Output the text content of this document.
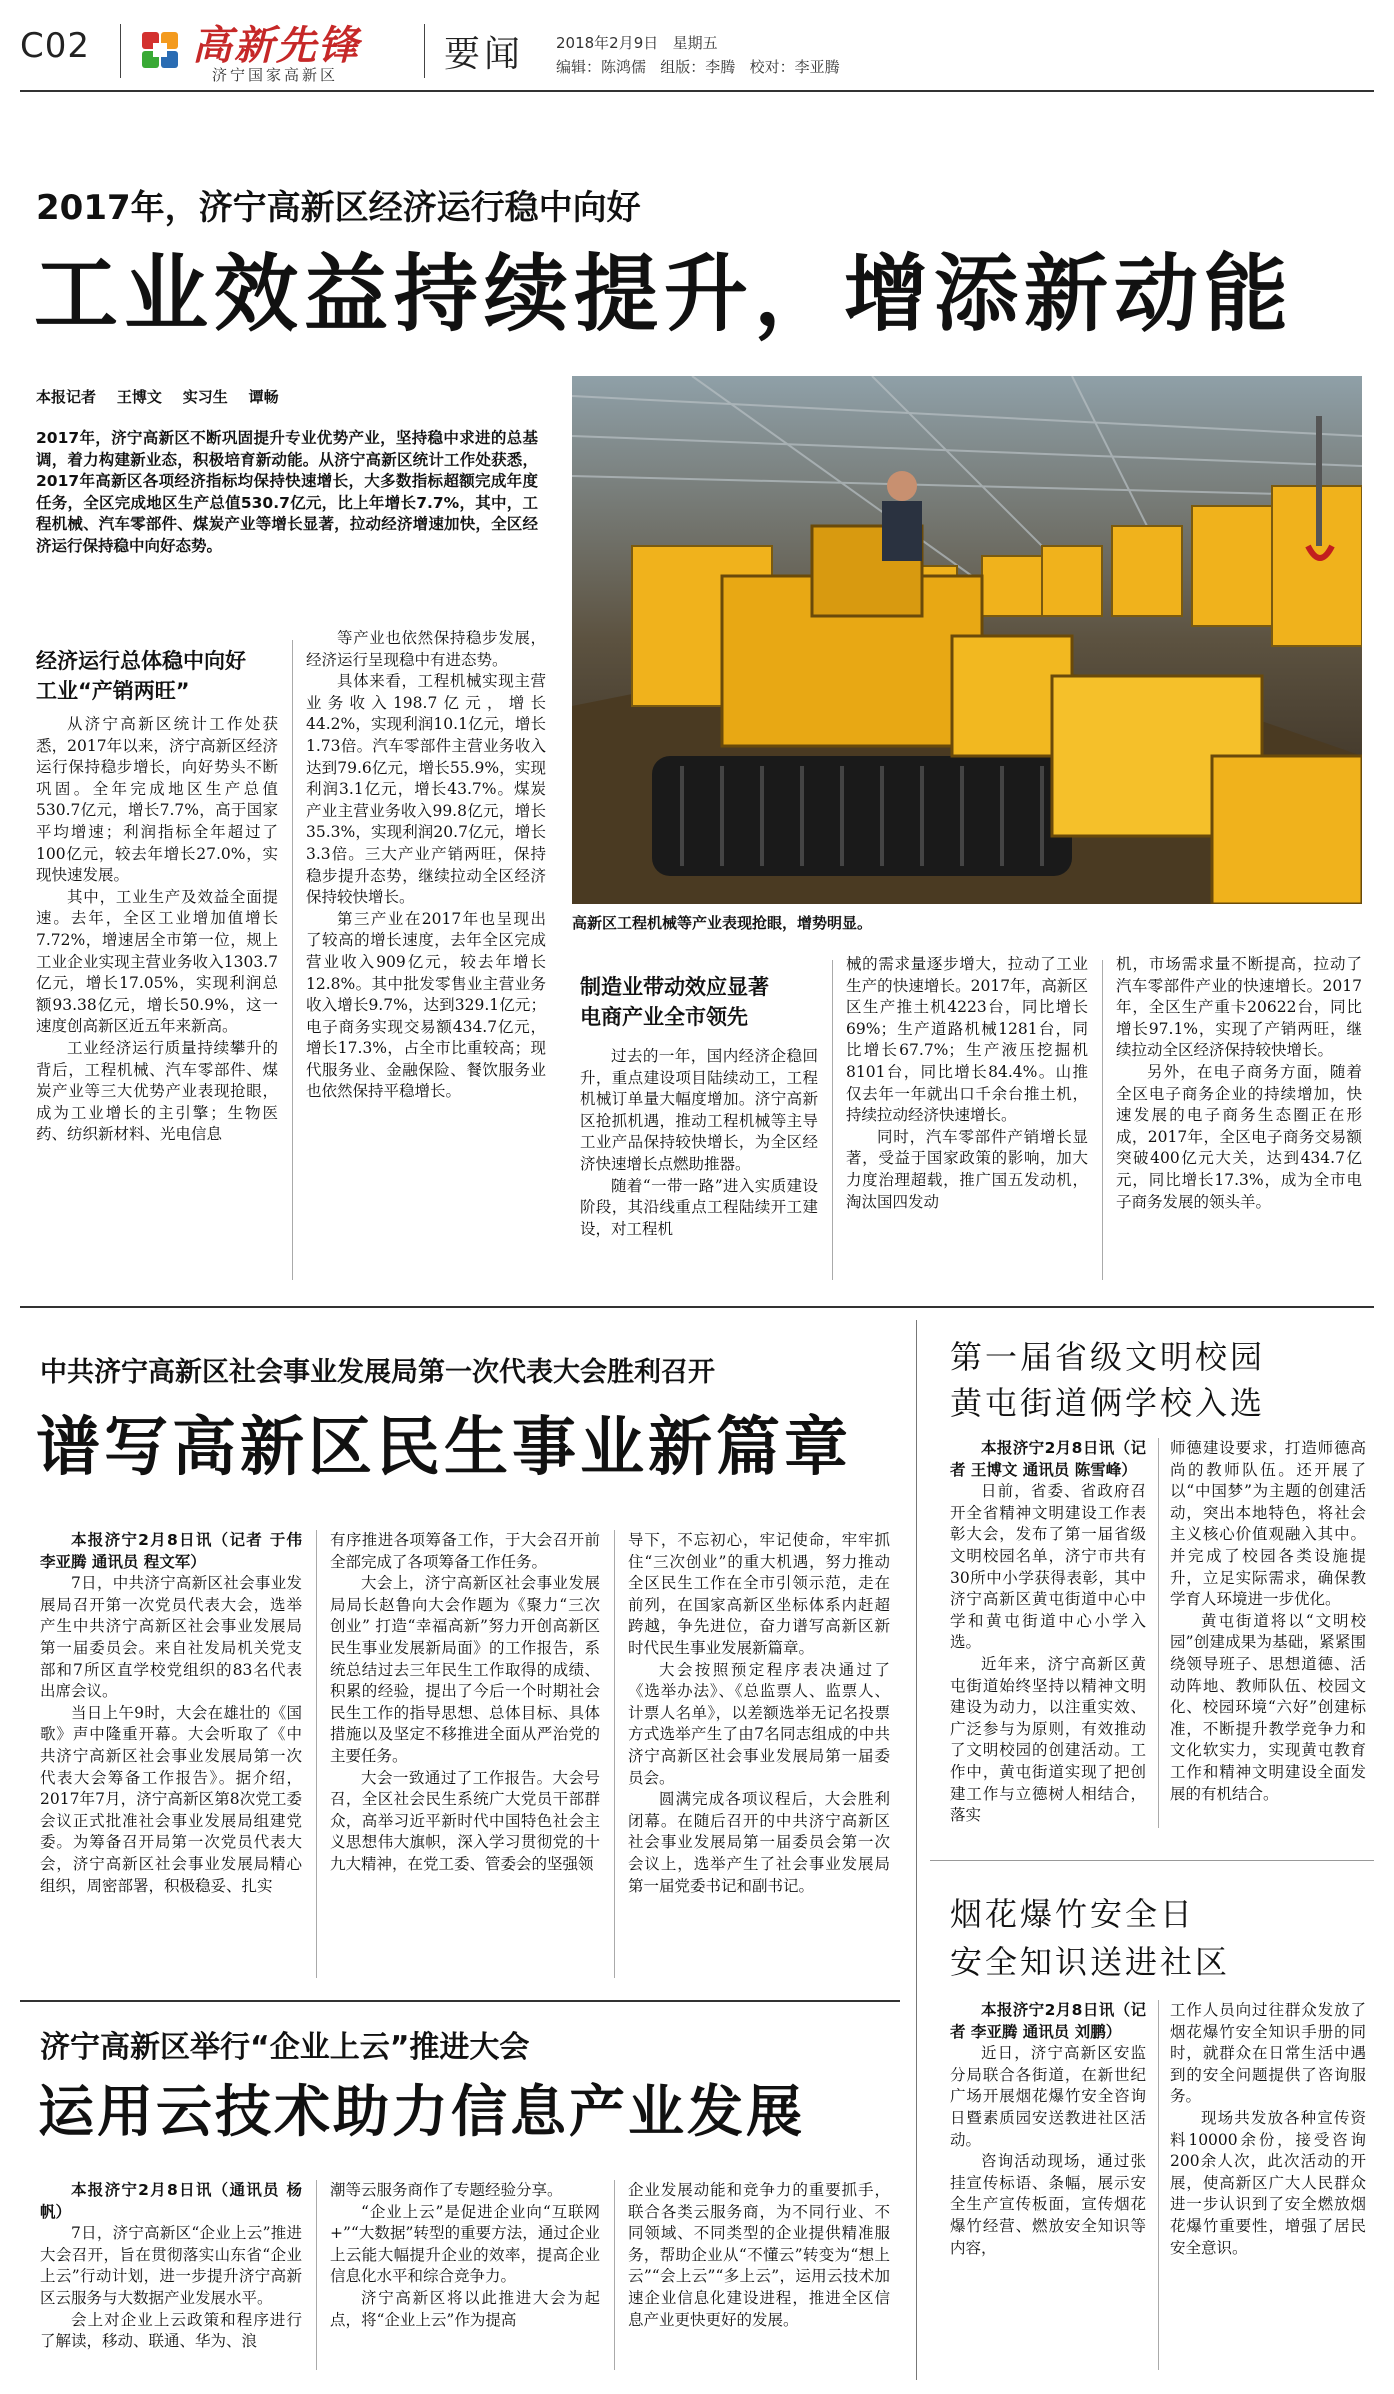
C02	高新先锋
济宁国家高新区	要闻 2018年2月9日   星期五
编辑：陈鸿儒   组版：李腾   校对：李亚腾
2017年，济宁高新区经济运行稳中向好
工业效益持续提升，增添新动能
本报记者    王博文    实习生    谭畅
2017年，济宁高新区不断巩固提升专业优势产业，坚持稳中求进的总基调，着力构建新业态，积极培育新动能。从济宁高新区统计工作处获悉，2017年高新区各项经济指标均保持快速增长，大多数指标超额完成年度任务，全区完成地区生产总值530.7亿元，比上年增长7.7%，其中，工程机械、汽车零部件、煤炭产业等增长显著，拉动经济增速加快，全区经济运行保持稳中向好态势。
高新区工程机械等产业表现抢眼，增势明显。
经济运行总体稳中向好
工业“产销两旺”

从济宁高新区统计工作处获悉，2017年以来，济宁高新区经济运行保持稳步增长，向好势头不断巩固。全年完成地区生产总值530.7亿元，增长7.7%，高于国家平均增速；利润指标全年超过了100亿元，较去年增长27.0%，实现快速发展。

其中，工业生产及效益全面提速。去年，全区工业增加值增长7.72%，增速居全市第一位，规上工业企业实现主营业务收入1303.7亿元，增长17.05%，实现利润总额93.38亿元，增长50.9%，这一速度创高新区近五年来新高。

工业经济运行质量持续攀升的背后，工程机械、汽车零部件、煤炭产业等三大优势产业表现抢眼，成为工业增长的主引擎；生物医药、纺织新材料、光电信息

等产业也依然保持稳步发展，经济运行呈现稳中有进态势。

具体来看，工程机械实现主营业务收入198.7亿元，增长44.2%，实现利润10.1亿元，增长1.73倍。汽车零部件主营业务收入达到79.6亿元，增长55.9%，实现利润3.1亿元，增长43.7%。煤炭产业主营业务收入99.8亿元，增长35.3%，实现利润20.7亿元，增长3.3倍。三大产业产销两旺，保持稳步提升态势，继续拉动全区经济保持较快增长。

第三产业在2017年也呈现出了较高的增长速度，去年全区完成营业收入909亿元，较去年增长12.8%。其中批发零售业主营业务收入增长9.7%，达到329.1亿元；电子商务实现交易额434.7亿元，增长17.3%，占全市比重较高；现代服务业、金融保险、餐饮服务业也依然保持平稳增长。

制造业带动效应显著
电商产业全市领先

过去的一年，国内经济企稳回升，重点建设项目陆续动工，工程机械订单量大幅度增加。济宁高新区抢抓机遇，推动工程机械等主导工业产品保持较快增长，为全区经济快速增长点燃助推器。

随着“一带一路”进入实质建设阶段，其沿线重点工程陆续开工建设，对工程机

械的需求量逐步增大，拉动了工业生产的快速增长。2017年，高新区区生产推土机4223台，同比增长69%；生产道路机械1281台，同比增长67.7%；生产液压挖掘机8101台，同比增长84.4%。山推仅去年一年就出口千余台推土机，持续拉动经济快速增长。

同时，汽车零部件产销增长显著，受益于国家政策的影响，加大力度治理超载，推广国五发动机，淘汰国四发动

机，市场需求量不断提高，拉动了汽车零部件产业的快速增长。2017年，全区生产重卡20622台，同比增长97.1%，实现了产销两旺，继续拉动全区经济保持较快增长。

另外，在电子商务方面，随着全区电子商务企业的持续增加，快速发展的电子商务生态圈正在形成，2017年，全区电子商务交易额突破400亿元大关，达到434.7亿元，同比增长17.3%，成为全市电子商务发展的领头羊。

中共济宁高新区社会事业发展局第一次代表大会胜利召开
谱写高新区民生事业新篇章

本报济宁2月8日讯（记者 于伟 李亚腾 通讯员 程文军）

7日，中共济宁高新区社会事业发展局召开第一次党员代表大会，选举产生中共济宁高新区社会事业发展局第一届委员会。来自社发局机关党支部和7所区直学校党组织的83名代表出席会议。

当日上午9时，大会在雄壮的《国歌》声中隆重开幕。大会听取了《中共济宁高新区社会事业发展局第一次代表大会筹备工作报告》。据介绍，2017年7月，济宁高新区第8次党工委会议正式批准社会事业发展局组建党委。为筹备召开局第一次党员代表大会，济宁高新区社会事业发展局精心组织，周密部署，积极稳妥、扎实

有序推进各项筹备工作，于大会召开前全部完成了各项筹备工作任务。

大会上，济宁高新区社会事业发展局局长赵鲁向大会作题为《聚力“三次创业” 打造“幸福高新”努力开创高新区民生事业发展新局面》的工作报告，系统总结过去三年民生工作取得的成绩、积累的经验，提出了今后一个时期社会民生工作的指导思想、总体目标、具体措施以及坚定不移推进全面从严治党的主要任务。

大会一致通过了工作报告。大会号召，全区社会民生系统广大党员干部群众，高举习近平新时代中国特色社会主义思想伟大旗帜，深入学习贯彻党的十九大精神，在党工委、管委会的坚强领

导下，不忘初心，牢记使命，牢牢抓住“三次创业”的重大机遇，努力推动全区民生工作在全市引领示范，走在前列，在国家高新区坐标体系内赶超跨越，争先进位，奋力谱写高新区新时代民生事业发展新篇章。

大会按照预定程序表决通过了《选举办法》、《总监票人、监票人、计票人名单》，以差额选举无记名投票方式选举产生了由7名同志组成的中共济宁高新区社会事业发展局第一届委员会。

圆满完成各项议程后，大会胜利闭幕。在随后召开的中共济宁高新区社会事业发展局第一届委员会第一次会议上，选举产生了社会事业发展局第一届党委书记和副书记。

第一届省级文明校园
黄屯街道俩学校入选

本报济宁2月8日讯（记者 王博文 通讯员 陈雪峰）

日前，省委、省政府召开全省精神文明建设工作表彰大会，发布了第一届省级文明校园名单，济宁市共有30所中小学获得表彰，其中济宁高新区黄屯街道中心中学和黄屯街道中心小学入选。

近年来，济宁高新区黄屯街道始终坚持以精神文明建设为动力，以注重实效、广泛参与为原则，有效推动了文明校园的创建活动。工作中，黄屯街道实现了把创建工作与立德树人相结合，落实

师德建设要求，打造师德高尚的教师队伍。还开展了以“中国梦”为主题的创建活动，突出本地特色，将社会主义核心价值观融入其中。并完成了校园各类设施提升，立足实际需求，确保教学育人环境进一步优化。

黄屯街道将以“文明校园”创建成果为基础，紧紧围绕领导班子、思想道德、活动阵地、教师队伍、校园文化、校园环境“六好”创建标准，不断提升教学竞争力和文化软实力，实现黄屯教育工作和精神文明建设全面发展的有机结合。

烟花爆竹安全日
安全知识送进社区

本报济宁2月8日讯（记者 李亚腾 通讯员 刘鹏）

近日，济宁高新区安监分局联合各街道，在新世纪广场开展烟花爆竹安全咨询日暨素质园安送教进社区活动。

咨询活动现场，通过张挂宣传标语、条幅，展示安全生产宣传板面，宣传烟花爆竹经营、燃放安全知识等内容，

工作人员向过往群众发放了烟花爆竹安全知识手册的同时，就群众在日常生活中遇到的安全问题提供了咨询服务。

现场共发放各种宣传资料10000余份，接受咨询200余人次，此次活动的开展，使高新区广大人民群众进一步认识到了安全燃放烟花爆竹重要性，增强了居民安全意识。

济宁高新区举行“企业上云”推进大会
运用云技术助力信息产业发展

本报济宁2月8日讯（通讯员 杨帆）

7日，济宁高新区“企业上云”推进大会召开，旨在贯彻落实山东省“企业上云”行动计划，进一步提升济宁高新区云服务与大数据产业发展水平。

会上对企业上云政策和程序进行了解读，移动、联通、华为、浪

潮等云服务商作了专题经验分享。

“企业上云”是促进企业向“互联网+”“大数据”转型的重要方法，通过企业上云能大幅提升企业的效率，提高企业信息化水平和综合竞争力。

济宁高新区将以此推进大会为起点，将“企业上云”作为提高

企业发展动能和竞争力的重要抓手，联合各类云服务商，为不同行业、不同领域、不同类型的企业提供精准服务，帮助企业从“不懂云”转变为“想上云”“会上云”“多上云”，运用云技术加速企业信息化建设进程，推进全区信息产业更快更好的发展。
